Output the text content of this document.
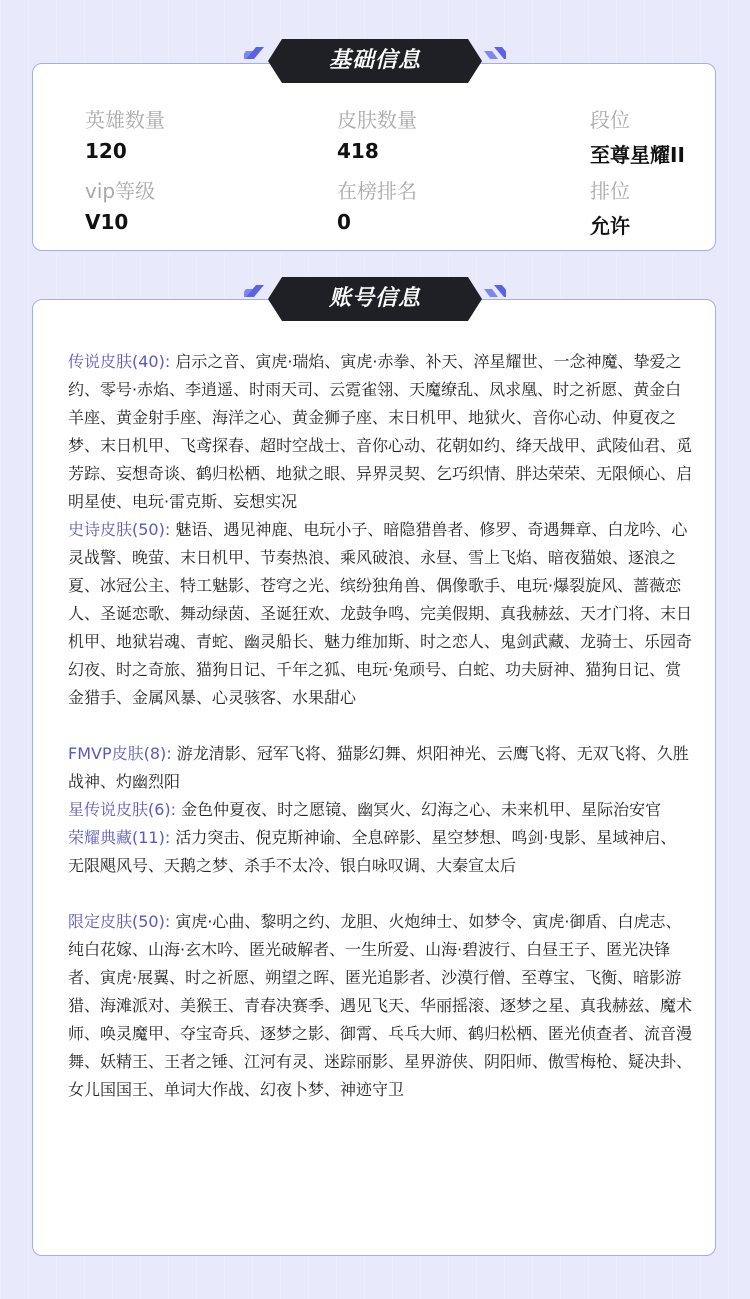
英雄数量
120
皮肤数量
418
段位
至尊星耀II
vip等级
V10
在榜排名
0
排位
允许
基础信息
账号信息

传说皮肤(40): 启示之音、寅虎·瑞焰、寅虎·赤拳、补天、淬星耀世、一念神魔、挚爱之约、零号·赤焰、李逍遥、时雨天司、云霓雀翎、天魔缭乱、凤求凰、时之祈愿、黄金白羊座、黄金射手座、海洋之心、黄金狮子座、末日机甲、地狱火、音你心动、仲夏夜之梦、末日机甲、飞鸢探春、超时空战士、音你心动、花朝如约、绛天战甲、武陵仙君、觅芳踪、妄想奇谈、鹤归松栖、地狱之眼、异界灵契、乞巧织情、胖达荣荣、无限倾心、启明星使、电玩·雷克斯、妄想实况

史诗皮肤(50): 魅语、遇见神鹿、电玩小子、暗隐猎兽者、修罗、奇遇舞章、白龙吟、心灵战警、晚萤、末日机甲、节奏热浪、乘风破浪、永昼、雪上飞焰、暗夜猫娘、逐浪之夏、冰冠公主、特工魅影、苍穹之光、缤纷独角兽、偶像歌手、电玩·爆裂旋风、蔷薇恋人、圣诞恋歌、舞动绿茵、圣诞狂欢、龙鼓争鸣、完美假期、真我赫兹、天才门将、末日机甲、地狱岩魂、青蛇、幽灵船长、魅力维加斯、时之恋人、鬼剑武藏、龙骑士、乐园奇幻夜、时之奇旅、猫狗日记、千年之狐、电玩·兔顽号、白蛇、功夫厨神、猫狗日记、赏金猎手、金属风暴、心灵骇客、水果甜心

FMVP皮肤(8): 游龙清影、冠军飞将、猫影幻舞、炽阳神光、云鹰飞将、无双飞将、久胜战神、灼幽烈阳

星传说皮肤(6): 金色仲夏夜、时之愿镜、幽冥火、幻海之心、未来机甲、星际治安官

荣耀典藏(11): 活力突击、倪克斯神谕、全息碎影、星空梦想、鸣剑·曳影、星域神启、无限飓风号、天鹅之梦、杀手不太冷、银白咏叹调、大秦宣太后

限定皮肤(50): 寅虎·心曲、黎明之约、龙胆、火炮绅士、如梦令、寅虎·御盾、白虎志、纯白花嫁、山海·玄木吟、匿光破解者、一生所爱、山海·碧波行、白昼王子、匿光决锋者、寅虎·展翼、时之祈愿、朔望之晖、匿光追影者、沙漠行僧、至尊宝、飞衡、暗影游猎、海滩派对、美猴王、青春决赛季、遇见飞天、华丽摇滚、逐梦之星、真我赫兹、魔术师、唤灵魔甲、夺宝奇兵、逐梦之影、御霄、乓乓大师、鹤归松栖、匿光侦查者、流音漫舞、妖精王、王者之锤、江河有灵、迷踪丽影、星界游侠、阴阳师、傲雪梅枪、疑决卦、女儿国国王、单词大作战、幻夜卜梦、神迹守卫
